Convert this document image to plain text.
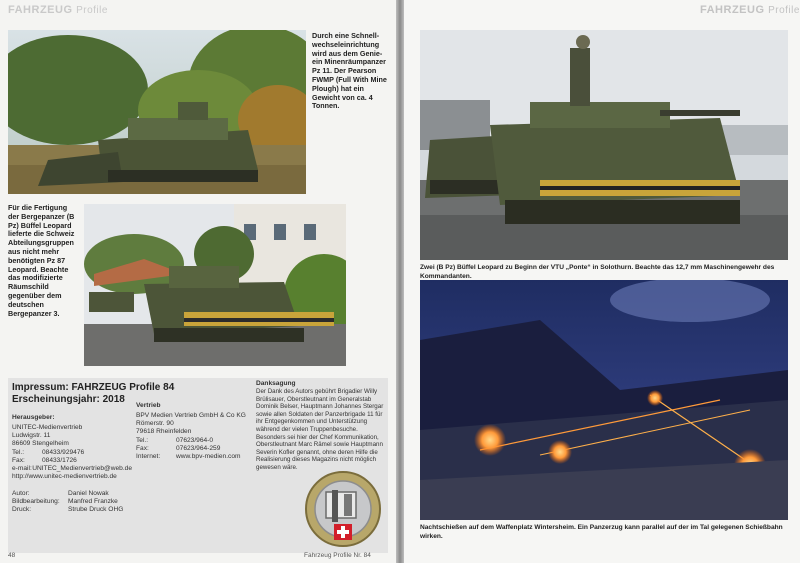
FAHRZEUG Profile
Durch eine Schnell-wechseleinrichtung wird aus dem Genie- ein Minenräumpanzer Pz 11. Der Pearson FWMP (Full With Mine Plough) hat ein Gewicht von ca. 4 Tonnen.
Für die Fertigung der Bergepanzer (B Pz) Büffel Leopard lieferte die Schweiz Abteilungsgruppen aus nicht mehr benötigten Pz 87 Leopard. Beachte das modifizierte Räumschild gegenüber dem deutschen Bergepanzer 3.
Impressum: FAHRZEUG Profile 84
Erscheinungsjahr: 2018
Herausgeber:
UNITEC-Medienvertrieb
Ludwigstr. 11
86609 Stengelheim
Tel.:	08433/929476
Fax:	08433/1726
e-mail: UNITEC_Medienvertrieb@web.de
http://www.unitec-medienvertrieb.de
Vertrieb
BPV Medien Vertrieb GmbH & Co KG
Römerstr. 90
79618 Rheinfelden
Tel.:	07623/964-0
Fax:	07623/964-259
Internet:	www.bpv-medien.com
Autor:	Daniel Nowak
Bildbearbeitung:	Manfred Franzke
Druck:	Strube Druck OHG
Danksagung
Der Dank des Autors gebührt Brigadier Willy Brülisauer, Oberstleutnant im Generalstab Dominik Belser, Hauptmann Johannes Stergar sowie allen Soldaten der Panzerbrigade 11 für ihr Entgegenkommen und Unterstützung während der vielen Truppenbesuche. Besonders sei hier der Chef Kommunikation, Oberstleutnant Marc Rämel sowie Hauptmann Severin Kofler genannt, ohne deren Hilfe die Realisierung dieses Magazins nicht möglich gewesen wäre.
48	Fahrzeug Profile Nr. 84
FAHRZEUG Profile
Zwei (B Pz) Büffel Leopard zu Beginn der VTU „Ponte“ in Solothurn. Beachte das 12,7 mm Maschinengewehr des Kommandanten.
Nachtschießen auf dem Waffenplatz Wintersheim. Ein Panzerzug kann parallel auf der im Tal gelegenen Schießbahn wirken.
